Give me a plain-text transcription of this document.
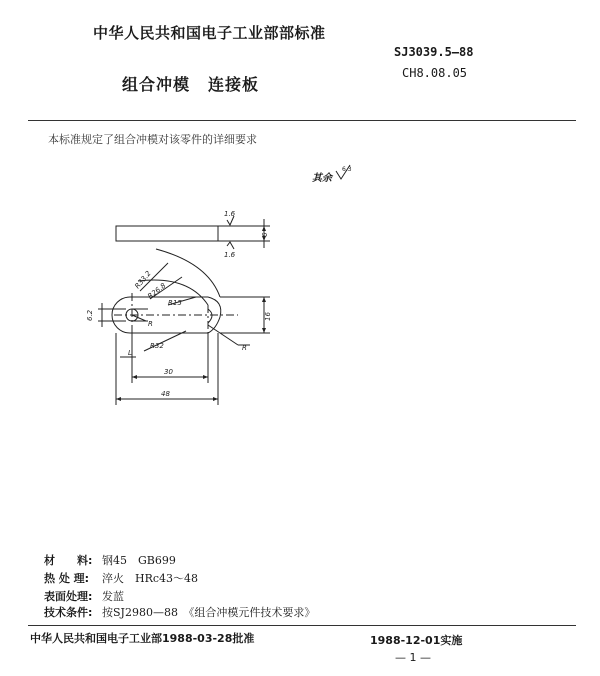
中华人民共和国电子工业部部标准
SJ3039.5—88
CH8.08.05
组合冲模 连接板
本标准规定了组合冲模对该零件的详细要求
其余
6.3
1.6
1.6
6
6.2	16
R33.2
R26.8
R15
R32	R
R
L
30
48
材　　料: 钢45　GB699
热 处 理: 淬火　HRc43～48
表面处理: 发蓝
技术条件: 按SJ2980—88　《组合冲模元件技术要求》
中华人民共和国电子工业部1988-03-28批准	1988-12-01实施
— 1 —
